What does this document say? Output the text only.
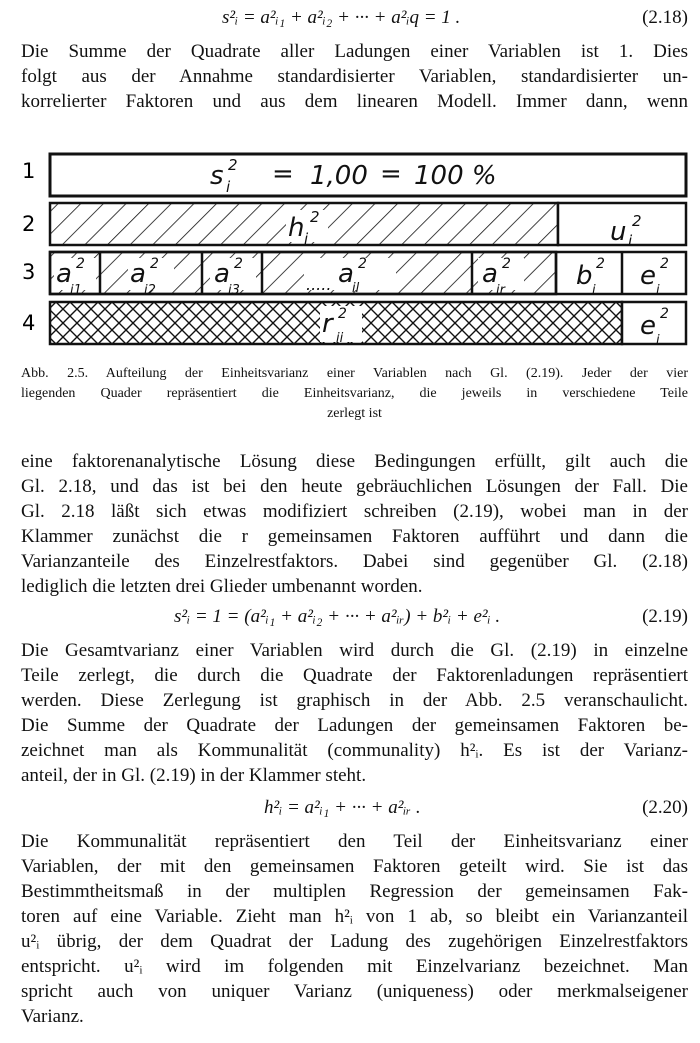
s²ᵢ = a²ᵢ₁ + a²ᵢ₂ + ··· + a²ᵢq = 1 .	(2.18)
Die Summe der Quadrate aller Ladungen einer Variablen ist 1. Dies
folgt aus der Annahme standardisierter Variablen, standardisierter un-
korrelierter Faktoren und aus dem linearen Modell. Immer dann, wenn
1
2
3
4
s 2
i = 1,00 = 100 %
h 2
i	u 2
i
a 2
i1
a 2
i2
a 2
i3
a 2
il
.....	a 2
ir	b 2
i e 2
i
r 2
ii	e 2
i
Abb. 2.5. Aufteilung der Einheitsvarianz einer Variablen nach Gl. (2.19). Jeder der vier
liegenden Quader repräsentiert die Einheitsvarianz, die jeweils in verschiedene Teile
zerlegt ist
eine faktorenanalytische Lösung diese Bedingungen erfüllt, gilt auch die
Gl. 2.18, und das ist bei den heute gebräuchlichen Lösungen der Fall. Die
Gl. 2.18 läßt sich etwas modifiziert schreiben (2.19), wobei man in der
Klammer zunächst die r gemeinsamen Faktoren aufführt und dann die
Varianzanteile des Einzelrestfaktors. Dabei sind gegenüber Gl. (2.18)
lediglich die letzten drei Glieder umbenannt worden.
s²ᵢ = 1 = (a²ᵢ₁ + a²ᵢ₂ + ··· + a²ᵢᵣ) + b²ᵢ + e²ᵢ .	(2.19)
Die Gesamtvarianz einer Variablen wird durch die Gl. (2.19) in einzelne
Teile zerlegt, die durch die Quadrate der Faktorenladungen repräsentiert
werden. Diese Zerlegung ist graphisch in der Abb. 2.5 veranschaulicht.
Die Summe der Quadrate der Ladungen der gemeinsamen Faktoren be-
zeichnet man als Kommunalität (communality) h²ᵢ. Es ist der Varianz-
anteil, der in Gl. (2.19) in der Klammer steht.
h²ᵢ = a²ᵢ₁ + ··· + a²ᵢᵣ .	(2.20)
Die Kommunalität repräsentiert den Teil der Einheitsvarianz einer
Variablen, der mit den gemeinsamen Faktoren geteilt wird. Sie ist das
Bestimmtheitsmaß in der multiplen Regression der gemeinsamen Fak-
toren auf eine Variable. Zieht man h²ᵢ von 1 ab, so bleibt ein Varianzanteil
u²ᵢ übrig, der dem Quadrat der Ladung des zugehörigen Einzelrestfaktors
entspricht. u²ᵢ wird im folgenden mit Einzelvarianz bezeichnet. Man
spricht auch von uniquer Varianz (uniqueness) oder merkmalseigener
Varianz.
